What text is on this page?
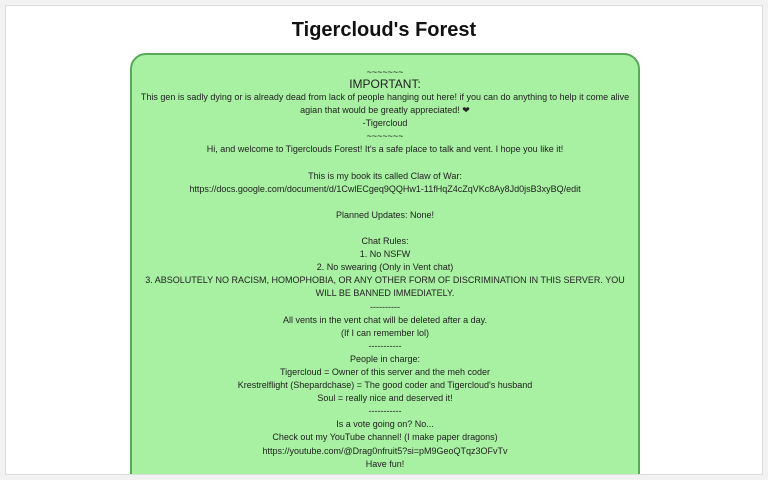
Tigercloud's Forest
~~~~~~~
IMPORTANT:
This gen is sadly dying or is already dead from lack of people hanging out here! if you can do anything to help it come alive agian that would be greatly appreciated! ❤
-Tigercloud
~~~~~~~
Hi, and welcome to Tigerclouds Forest! It's a safe place to talk and vent. I hope you like it!
This is my book its called Claw of War:
https://docs.google.com/document/d/1CwlECgeq9QQHw1-11fHqZ4cZqVKc8Ay8Jd0jsB3xyBQ/edit
Planned Updates: None!
Chat Rules:
1. No NSFW
2. No swearing (Only in Vent chat)
3. ABSOLUTELY NO RACISM, HOMOPHOBIA, OR ANY OTHER FORM OF DISCRIMINATION IN THIS SERVER. YOU WILL BE BANNED IMMEDIATELY.
----------
All vents in the vent chat will be deleted after a day.
(If I can remember lol)
-----------
People in charge:
Tigercloud = Owner of this server and the meh coder
Krestrelflight (Shepardchase) = The good coder and Tigercloud's husband
Soul = really nice and deserved it!
-----------
Is a vote going on? No...
Check out my YouTube channel! (I make paper dragons)
https://youtube.com/@Drag0nfruit5?si=pM9GeoQTqz3OFvTv
Have fun!
